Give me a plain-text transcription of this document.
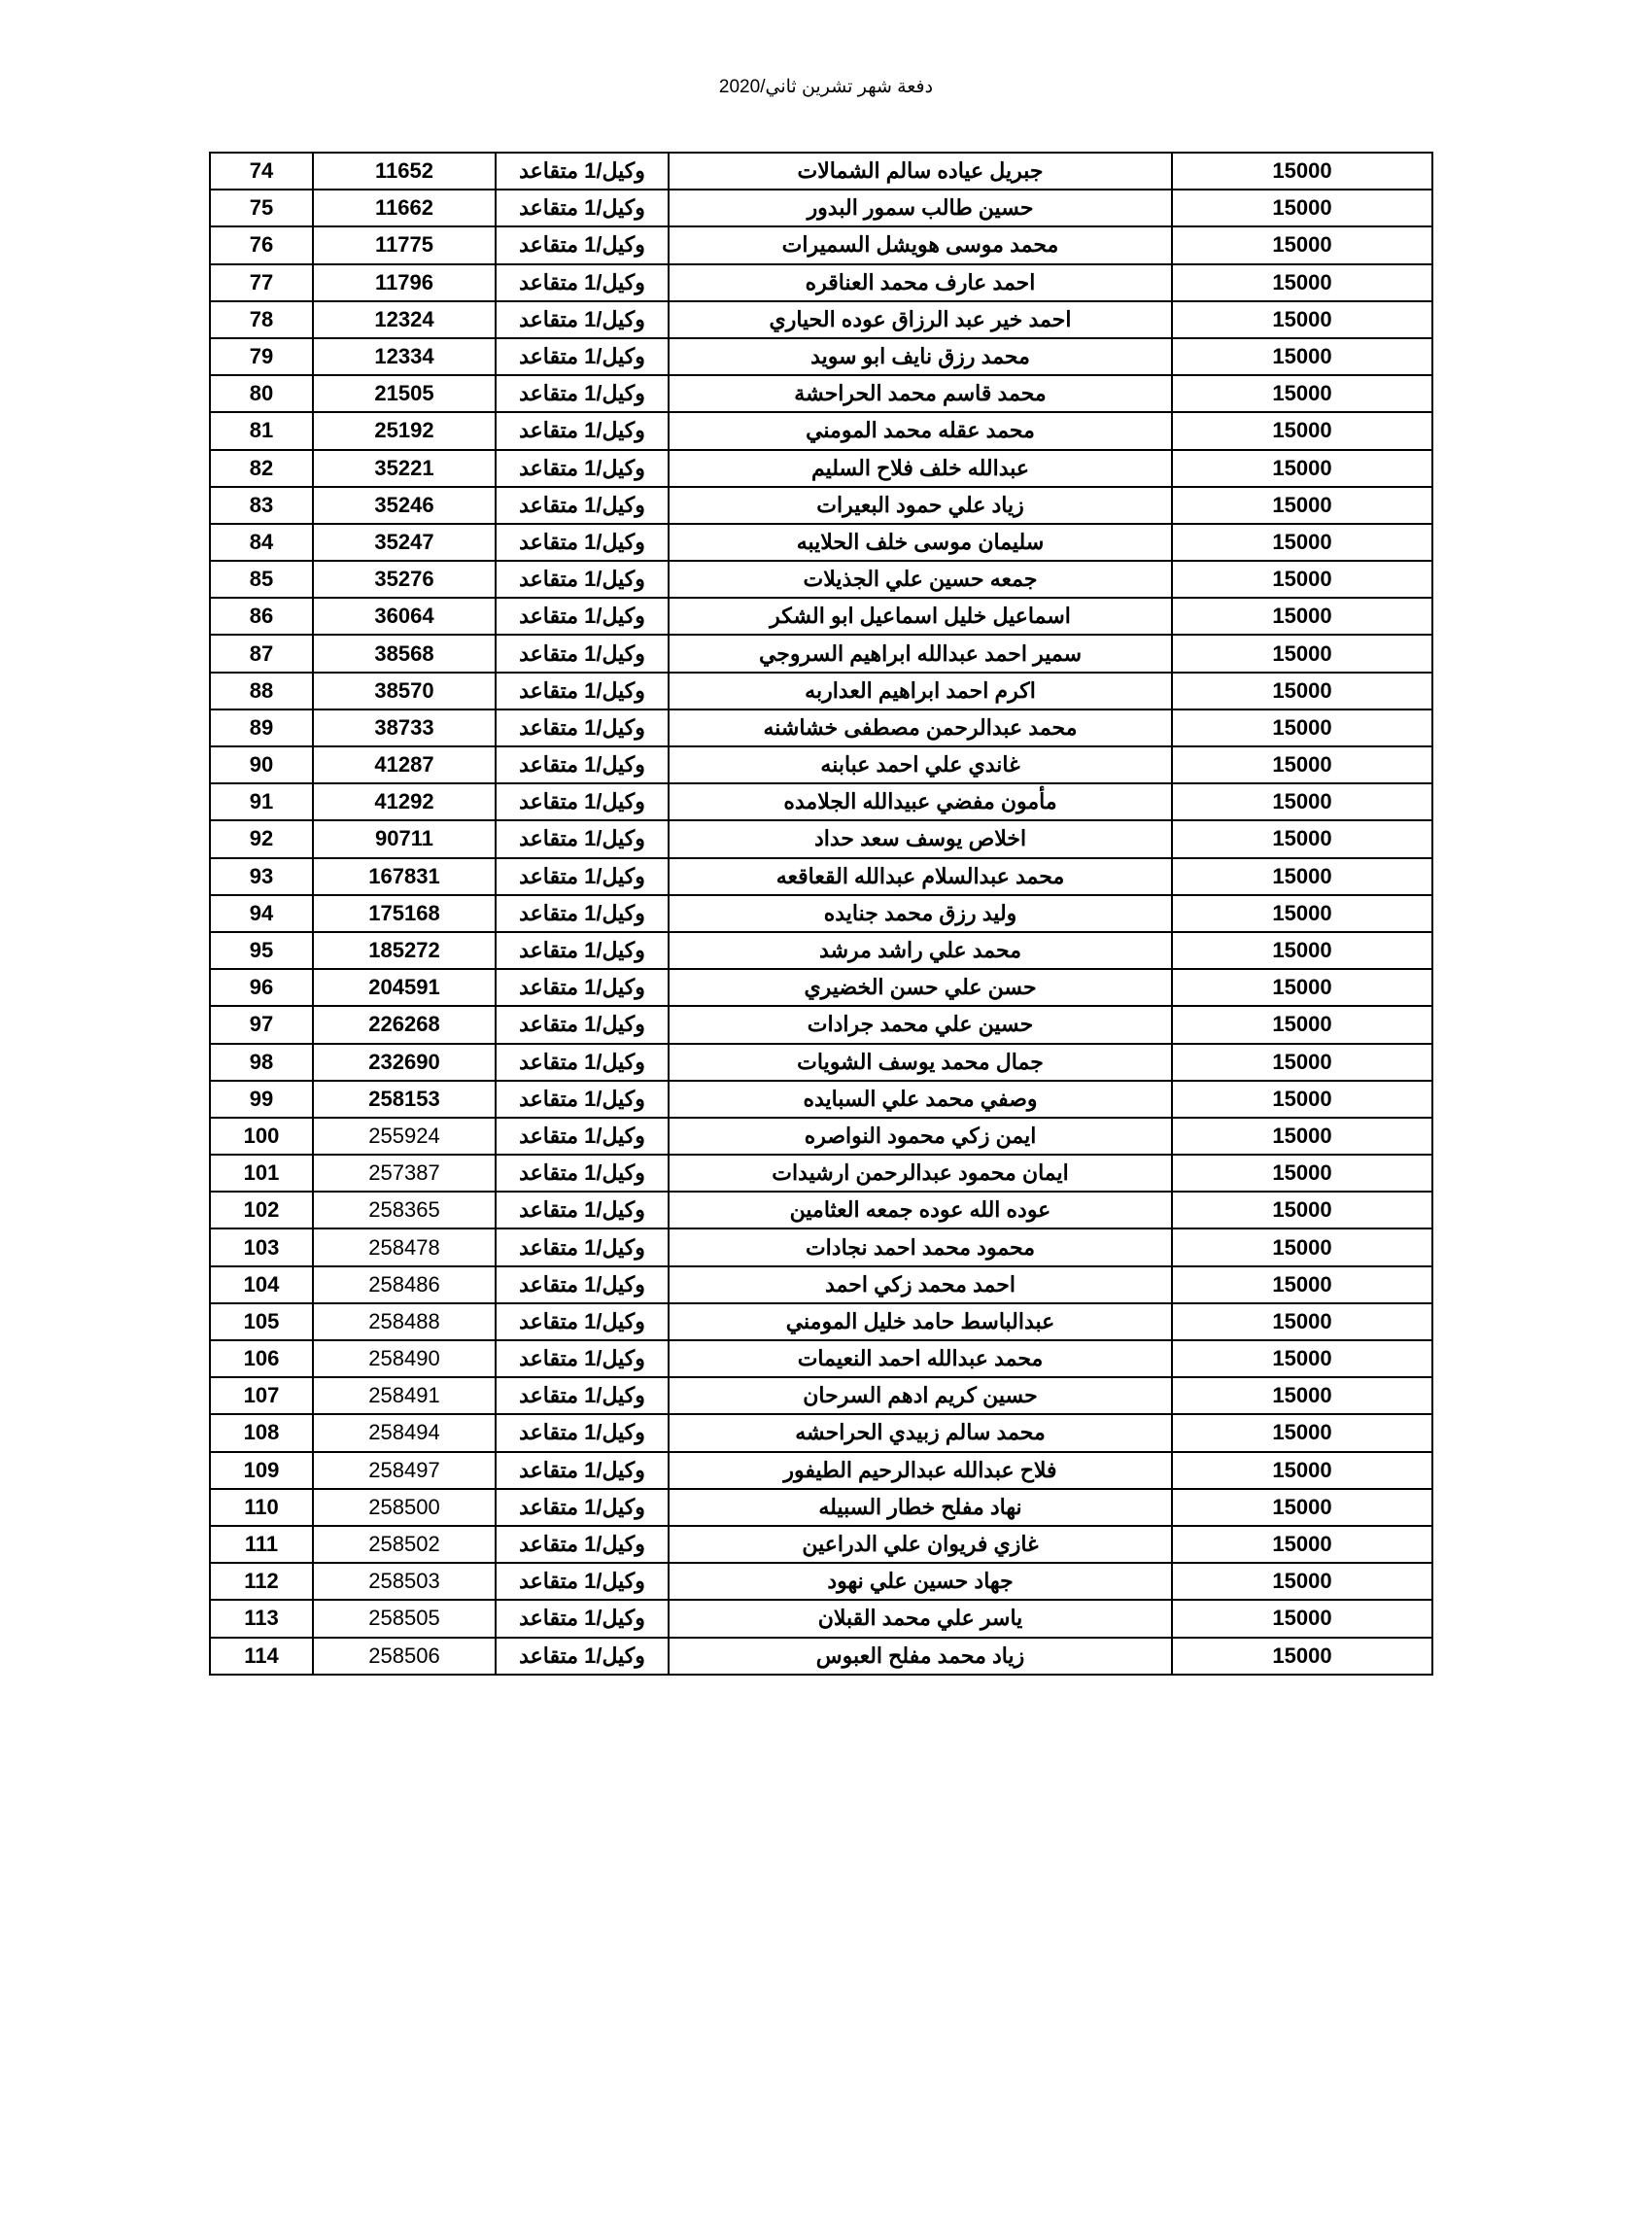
دفعة شهر تشرين ثاني/2020
15000	جبريل عياده سالم الشمالات	وكيل/1 متقاعد	11652	74
15000	حسين طالب سمور البدور	وكيل/1 متقاعد	11662	75
15000	محمد موسى هويشل السميرات	وكيل/1 متقاعد	11775	76
15000	احمد عارف محمد العناقره	وكيل/1 متقاعد	11796	77
15000	احمد خير عبد الرزاق عوده الحياري	وكيل/1 متقاعد	12324	78
15000	محمد رزق نايف ابو سويد	وكيل/1 متقاعد	12334	79
15000	محمد قاسم محمد الحراحشة	وكيل/1 متقاعد	21505	80
15000	محمد عقله محمد المومني	وكيل/1 متقاعد	25192	81
15000	عبدالله خلف فلاح السليم	وكيل/1 متقاعد	35221	82
15000	زياد علي حمود البعيرات	وكيل/1 متقاعد	35246	83
15000	سليمان موسى خلف الحلايبه	وكيل/1 متقاعد	35247	84
15000	جمعه حسين علي الجذيلات	وكيل/1 متقاعد	35276	85
15000	اسماعيل خليل اسماعيل ابو الشكر	وكيل/1 متقاعد	36064	86
15000	سمير احمد عبدالله ابراهيم السروجي	وكيل/1 متقاعد	38568	87
15000	اكرم احمد ابراهيم العداربه	وكيل/1 متقاعد	38570	88
15000	محمد عبدالرحمن مصطفى خشاشنه	وكيل/1 متقاعد	38733	89
15000	غاندي علي احمد عبابنه	وكيل/1 متقاعد	41287	90
15000	مأمون مفضي عبيدالله الجلامده	وكيل/1 متقاعد	41292	91
15000	اخلاص يوسف سعد حداد	وكيل/1 متقاعد	90711	92
15000	محمد عبدالسلام عبدالله القعاقعه	وكيل/1 متقاعد	167831	93
15000	وليد رزق محمد جنايده	وكيل/1 متقاعد	175168	94
15000	محمد علي راشد مرشد	وكيل/1 متقاعد	185272	95
15000	حسن علي حسن الخضيري	وكيل/1 متقاعد	204591	96
15000	حسين علي محمد جرادات	وكيل/1 متقاعد	226268	97
15000	جمال محمد يوسف الشويات	وكيل/1 متقاعد	232690	98
15000	وصفي محمد علي السبايده	وكيل/1 متقاعد	258153	99
15000	ايمن زكي محمود النواصره	وكيل/1 متقاعد	255924	100
15000	ايمان محمود عبدالرحمن ارشيدات	وكيل/1 متقاعد	257387	101
15000	عوده الله عوده جمعه العثامين	وكيل/1 متقاعد	258365	102
15000	محمود محمد احمد نجادات	وكيل/1 متقاعد	258478	103
15000	احمد محمد زكي احمد	وكيل/1 متقاعد	258486	104
15000	عبدالباسط حامد خليل المومني	وكيل/1 متقاعد	258488	105
15000	محمد عبدالله احمد النعيمات	وكيل/1 متقاعد	258490	106
15000	حسين كريم ادهم السرحان	وكيل/1 متقاعد	258491	107
15000	محمد سالم زبيدي الحراحشه	وكيل/1 متقاعد	258494	108
15000	فلاح عبدالله عبدالرحيم الطيفور	وكيل/1 متقاعد	258497	109
15000	نهاد مفلح خطار السبيله	وكيل/1 متقاعد	258500	110
15000	غازي فريوان علي الدراعين	وكيل/1 متقاعد	258502	111
15000	جهاد حسين علي نهود	وكيل/1 متقاعد	258503	112
15000	ياسر علي محمد القبلان	وكيل/1 متقاعد	258505	113
15000	زياد محمد مفلح العبوس	وكيل/1 متقاعد	258506	114
